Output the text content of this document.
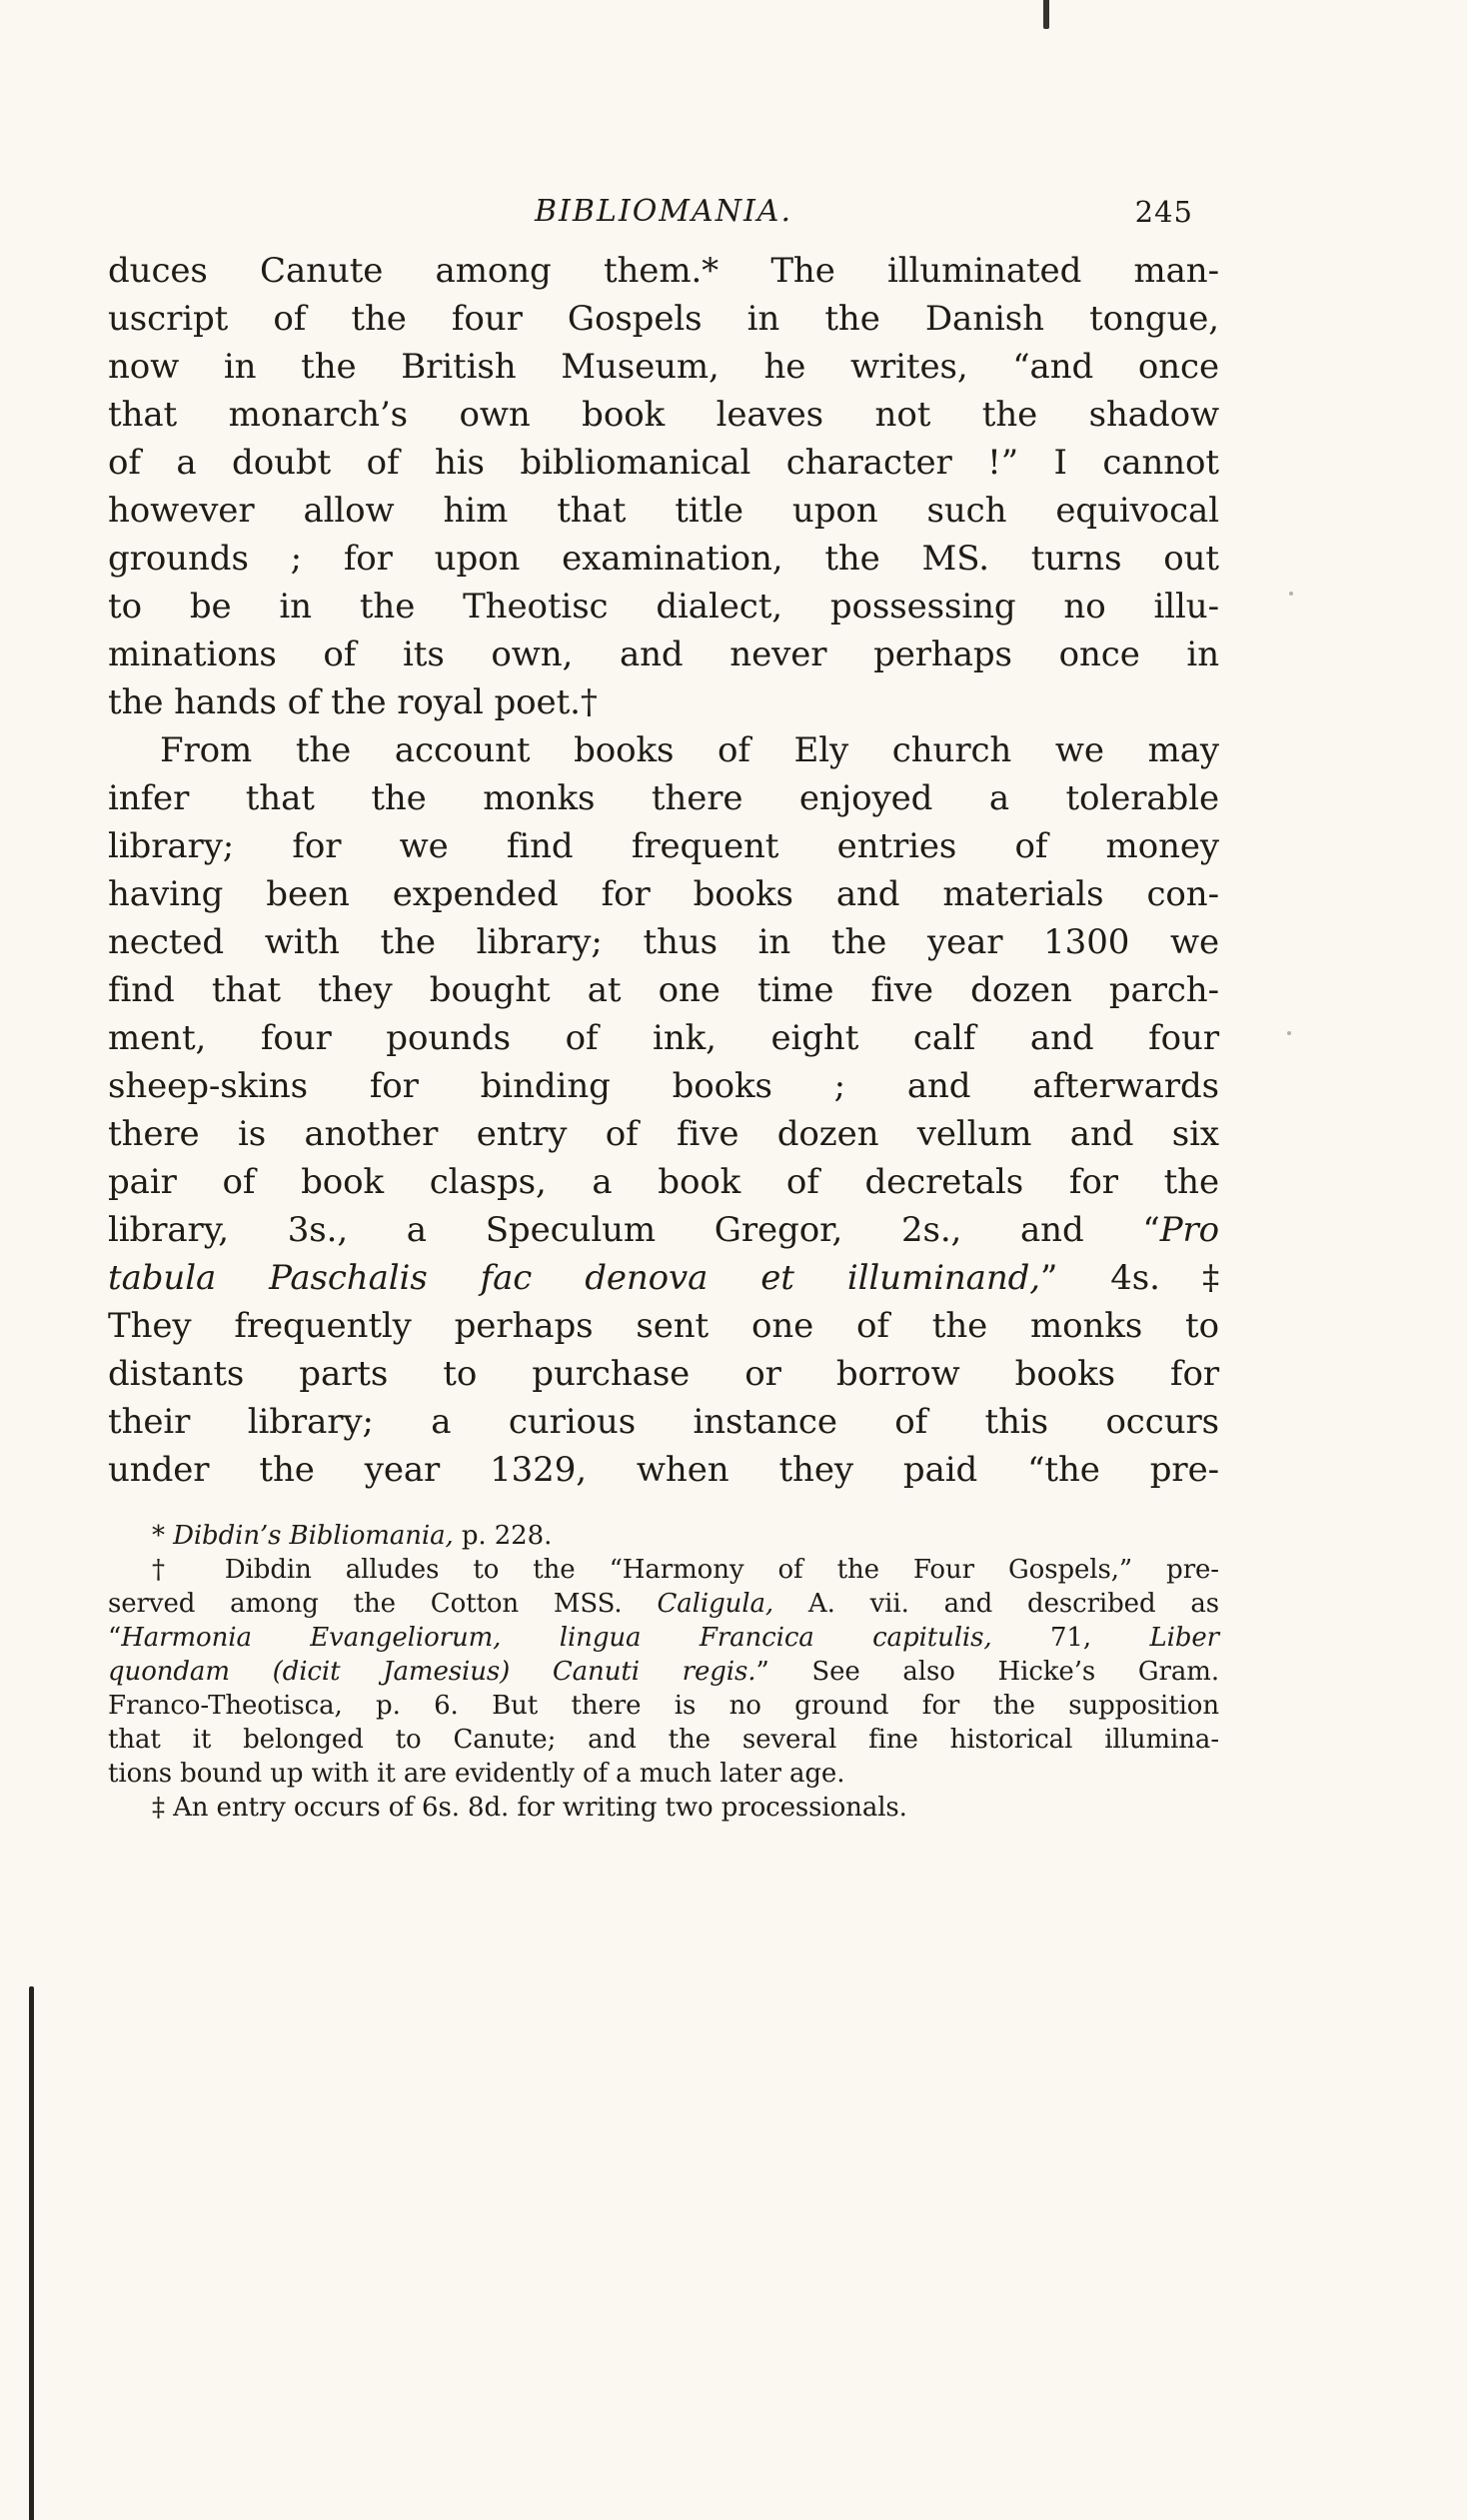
BIBLIOMANIA.	245
duces Canute among them.* The illuminated man-
uscript of the four Gospels in the Danish tongue,
now in the British Museum, he writes, “and once
that monarch’s own book leaves not the shadow
of a doubt of his bibliomanical character !” I cannot
however allow him that title upon such equivocal
grounds ; for upon examination, the MS. turns out
to be in the Theotisc dialect, possessing no illu-
minations of its own, and never perhaps once in
the hands of the royal poet.†
From the account books of Ely church we may
infer that the monks there enjoyed a tolerable
library; for we find frequent entries of money
having been expended for books and materials con-
nected with the library; thus in the year 1300 we
find that they bought at one time five dozen parch-
ment, four pounds of ink, eight calf and four
sheep-skins for binding books ; and afterwards
there is another entry of five dozen vellum and six
pair of book clasps, a book of decretals for the
library, 3s., a Speculum Gregor, 2s., and “Pro
tabula Paschalis fac denova et illuminand,” 4s.‡
They frequently perhaps sent one of the monks to
distants parts to purchase or borrow books for
their library; a curious instance of this occurs
under the year 1329, when they paid “the pre-
* Dibdin’s Bibliomania, p. 228.
† Dibdin alludes to the “Harmony of the Four Gospels,” pre-
served among the Cotton MSS. Caligula, A. vii. and described as
“Harmonia Evangeliorum, lingua Francica capitulis, 71, Liber
quondam (dicit Jamesius) Canuti regis.” See also Hicke’s Gram.
Franco-Theotisca, p. 6. But there is no ground for the supposition
that it belonged to Canute; and the several fine historical illumina-
tions bound up with it are evidently of a much later age.
‡ An entry occurs of 6s. 8d. for writing two processionals.
